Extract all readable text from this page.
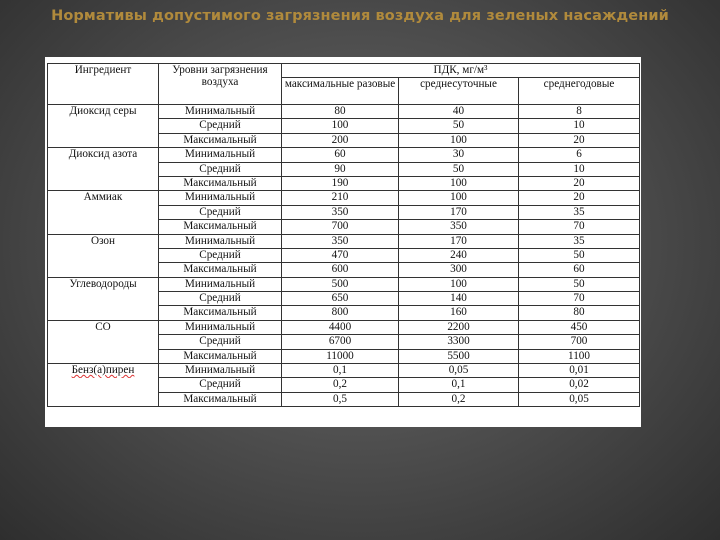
Нормативы допустимого загрязнения воздуха для зеленых насаждений
Ингредиент	Уровни загрязнения воздуха	ПДК, мг/м³		
		максимальные разовые	среднесуточные	среднегодовые
Диоксид серы	Минимальный	80	40	8
	Средний	100	50	10
	Максимальный	200	100	20
Диоксид азота	Минимальный	60	30	6
	Средний	90	50	10
	Максимальный	190	100	20
Аммиак	Минимальный	210	100	20
	Средний	350	170	35
	Максимальный	700	350	70
Озон	Минимальный	350	170	35
	Средний	470	240	50
	Максимальный	600	300	60
Углеводороды	Минимальный	500	100	50
	Средний	650	140	70
	Максимальный	800	160	80
СО	Минимальный	4400	2200	450
	Средний	6700	3300	700
	Максимальный	11000	5500	1100
Бенз(а)пирен	Минимальный	0,1	0,05	0,01
	Средний	0,2	0,1	0,02
	Максимальный	0,5	0,2	0,05
